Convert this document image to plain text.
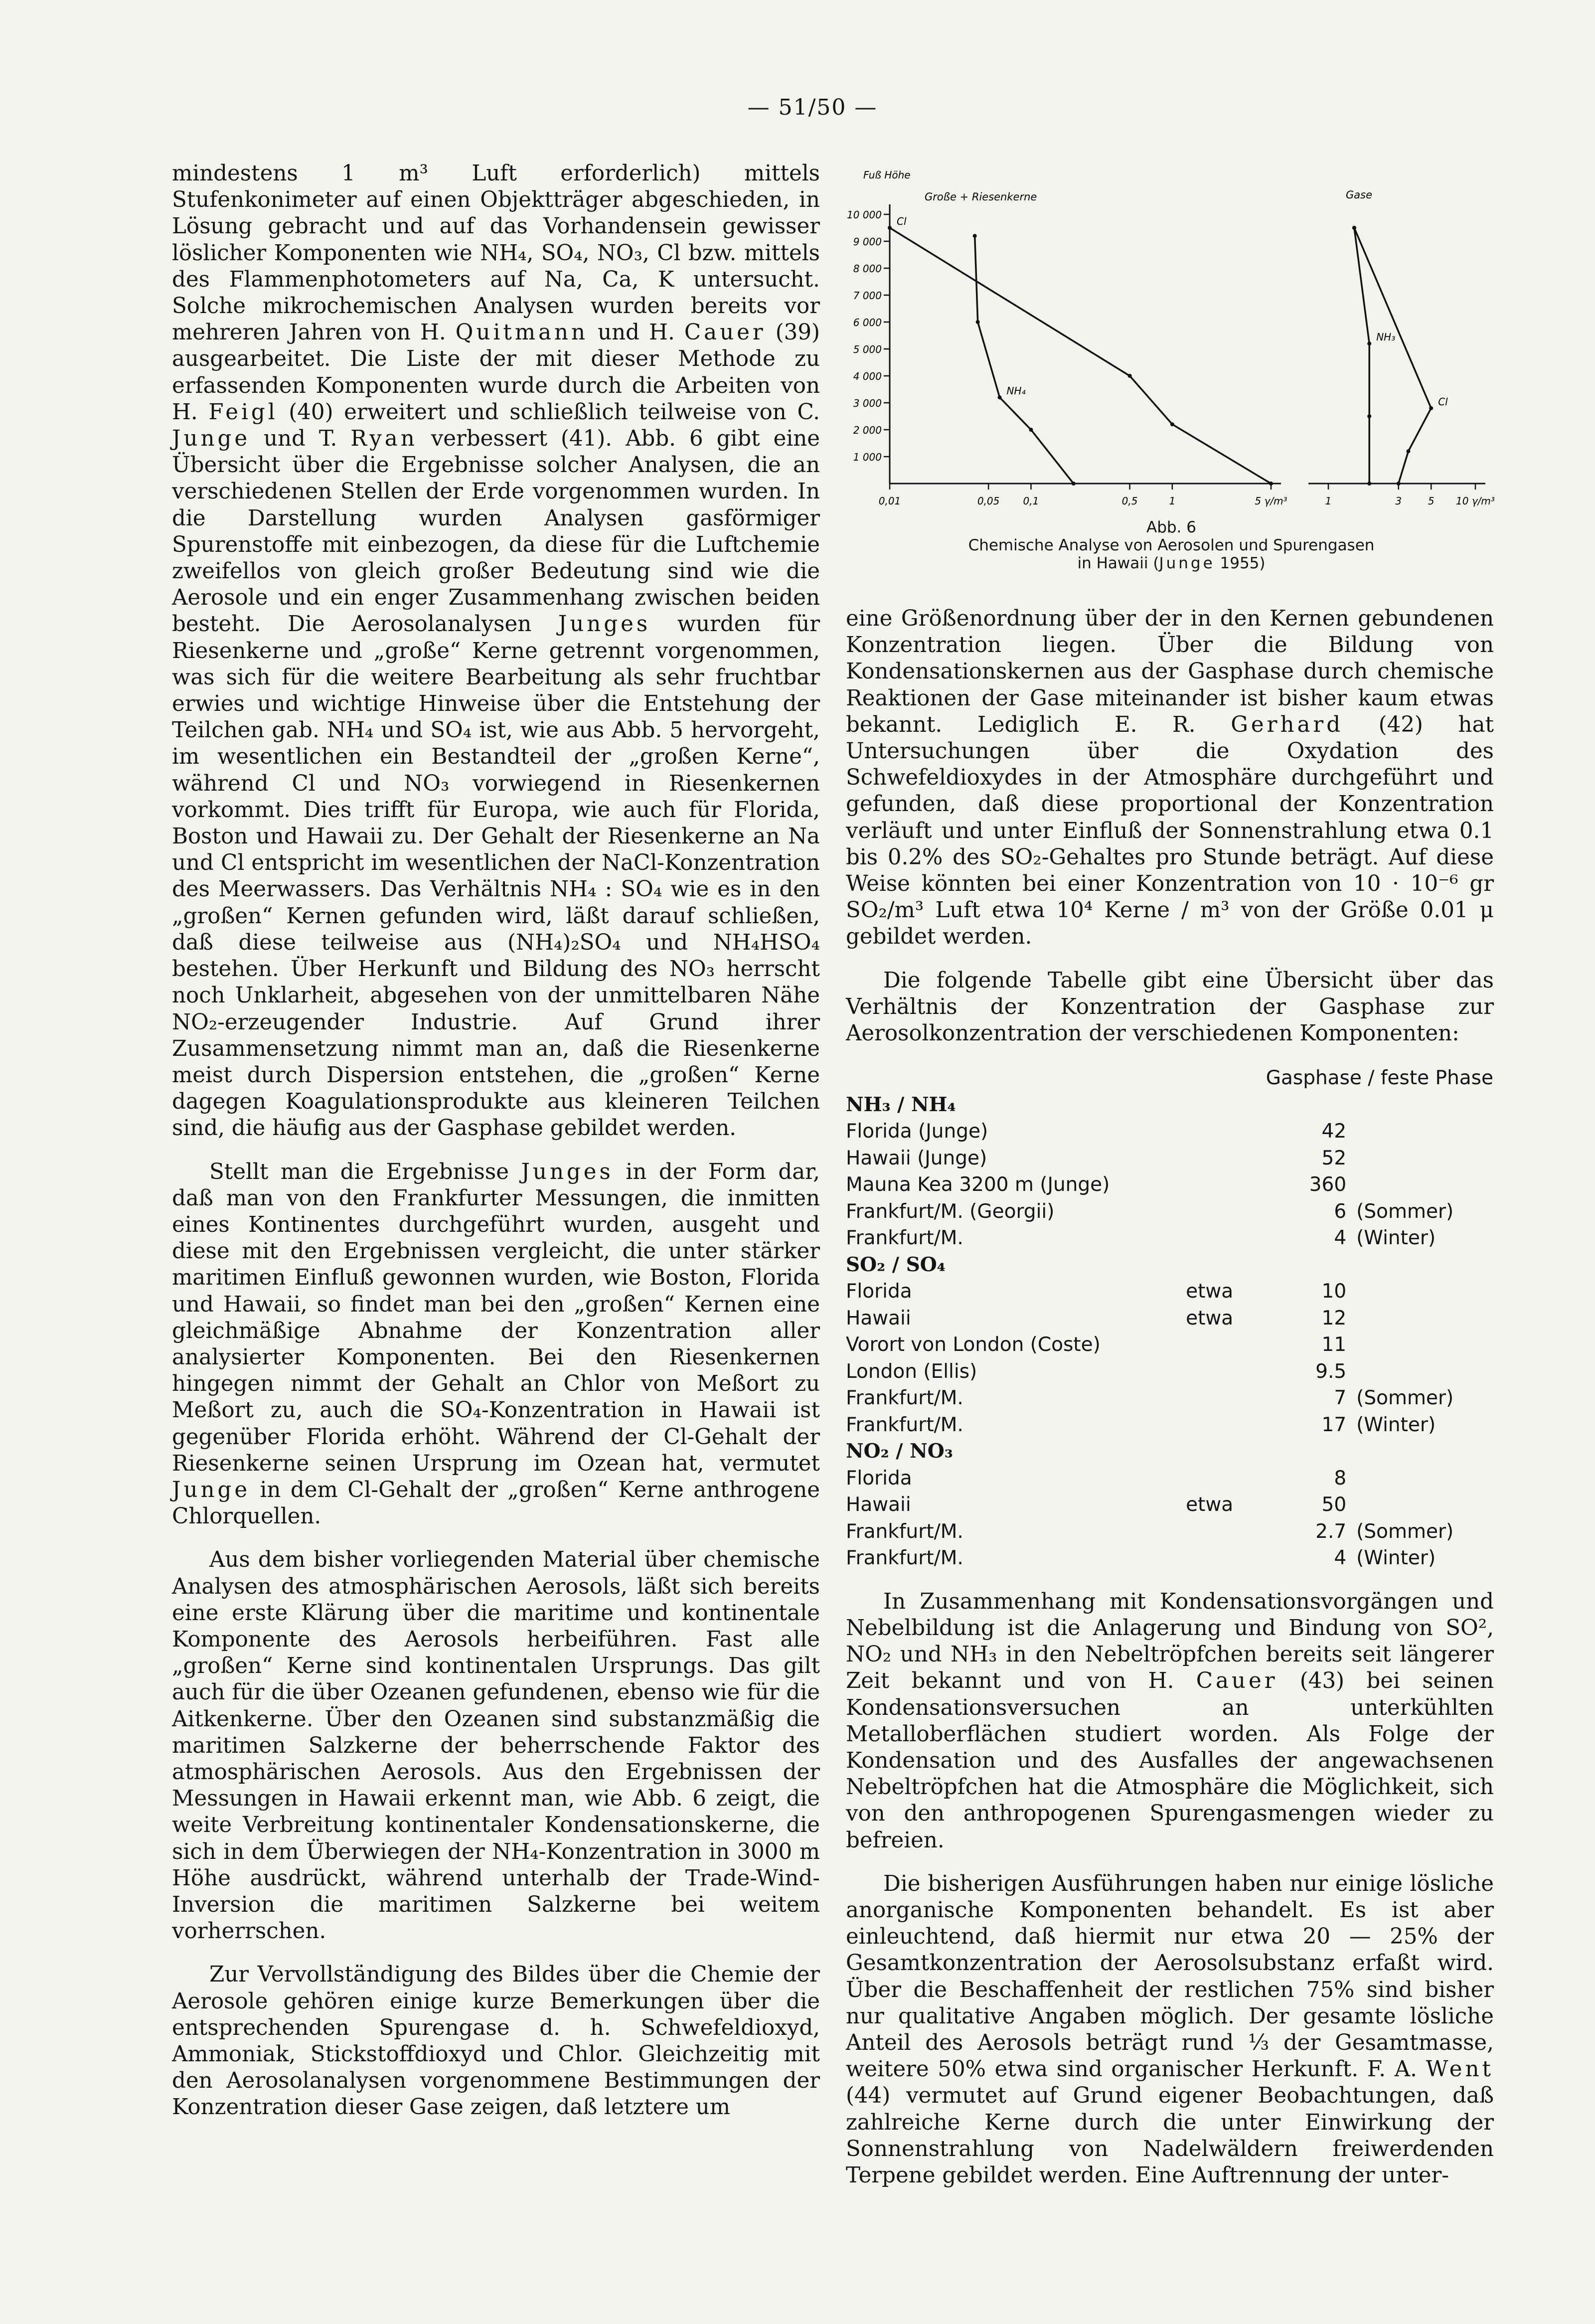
— 51/50 —

mindestens 1 m³ Luft erforderlich) mittels Stufenkonimeter auf einen Objektträger abgeschieden, in Lösung gebracht und auf das Vorhandensein gewisser löslicher Komponenten wie NH₄, SO₄, NO₃, Cl bzw. mittels des Flammenphotometers auf Na, Ca, K untersucht. Solche mikrochemischen Analysen wurden bereits vor mehreren Jahren von H. Quitmann und H. Cauer (39) ausgearbeitet. Die Liste der mit dieser Methode zu erfassenden Komponenten wurde durch die Arbeiten von H. Feigl (40) erweitert und schließlich teilweise von C. Junge und T. Ryan verbessert (41). Abb. 6 gibt eine Übersicht über die Ergebnisse solcher Analysen, die an verschiedenen Stellen der Erde vorgenommen wurden. In die Darstellung wurden Analysen gasförmiger Spurenstoffe mit einbezogen, da diese für die Luftchemie zweifellos von gleich großer Bedeutung sind wie die Aerosole und ein enger Zusammenhang zwischen beiden besteht. Die Aerosolanalysen Junges wurden für Riesenkerne und „große“ Kerne getrennt vorgenommen, was sich für die weitere Bearbeitung als sehr fruchtbar erwies und wichtige Hinweise über die Entstehung der Teilchen gab. NH₄ und SO₄ ist, wie aus Abb. 5 hervorgeht, im wesentlichen ein Bestandteil der „großen Kerne“, während Cl und NO₃ vorwiegend in Riesenkernen vorkommt. Dies trifft für Europa, wie auch für Florida, Boston und Hawaii zu. Der Gehalt der Riesenkerne an Na und Cl entspricht im wesentlichen der NaCl-Konzentration des Meerwassers. Das Verhältnis NH₄ : SO₄ wie es in den „großen“ Kernen gefunden wird, läßt darauf schließen, daß diese teilweise aus (NH₄)₂SO₄ und NH₄HSO₄ bestehen. Über Herkunft und Bildung des NO₃ herrscht noch Unklarheit, abgesehen von der unmittelbaren Nähe NO₂-erzeugender Industrie. Auf Grund ihrer Zusammensetzung nimmt man an, daß die Riesenkerne meist durch Dispersion entstehen, die „großen“ Kerne dagegen Koagulationsprodukte aus kleineren Teilchen sind, die häufig aus der Gasphase gebildet werden.

Stellt man die Ergebnisse Junges in der Form dar, daß man von den Frankfurter Messungen, die inmitten eines Kontinentes durchgeführt wurden, ausgeht und diese mit den Ergebnissen vergleicht, die unter stärker maritimen Einfluß gewonnen wurden, wie Boston, Florida und Hawaii, so findet man bei den „großen“ Kernen eine gleichmäßige Abnahme der Konzentration aller analysierter Komponenten. Bei den Riesenkernen hingegen nimmt der Gehalt an Chlor von Meßort zu Meßort zu, auch die SO₄-Konzentration in Hawaii ist gegenüber Florida erhöht. Während der Cl-Gehalt der Riesenkerne seinen Ursprung im Ozean hat, vermutet Junge in dem Cl-Gehalt der „großen“ Kerne anthrogene Chlorquellen.

Aus dem bisher vorliegenden Material über chemische Analysen des atmosphärischen Aerosols, läßt sich bereits eine erste Klärung über die maritime und kontinentale Komponente des Aerosols herbeiführen. Fast alle „großen“ Kerne sind kontinentalen Ursprungs. Das gilt auch für die über Ozeanen gefundenen, ebenso wie für die Aitkenkerne. Über den Ozeanen sind substanzmäßig die maritimen Salzkerne der beherrschende Faktor des atmosphärischen Aerosols. Aus den Ergebnissen der Messungen in Hawaii erkennt man, wie Abb. 6 zeigt, die weite Verbreitung kontinentaler Kondensationskerne, die sich in dem Überwiegen der NH₄-Konzentration in 3000 m Höhe ausdrückt, während unterhalb der Trade-Wind-Inversion die maritimen Salzkerne bei weitem vorherrschen.

Zur Vervollständigung des Bildes über die Chemie der Aerosole gehören einige kurze Bemerkungen über die entsprechenden Spurengase d. h. Schwefeldioxyd, Ammoniak, Stickstoffdioxyd und Chlor. Gleichzeitig mit den Aerosolanalysen vorgenommene Bestimmungen der Konzentration dieser Gase zeigen, daß letztere um

10 000
9 000
8 000
7 000
6 000
5 000
4 000
3 000
2 000
1 000
Fuß Höhe
Große + Riesenkerne	Gase
0,01	0,05 0,1	0,5	1	5 γ/m³	1	3	5 10 γ/m³
Cl
NH₄
NH₃
Cl
Abb. 6
Chemische Analyse von Aerosolen und Spurengasen
in Hawaii (Junge 1955)

eine Größenordnung über der in den Kernen gebundenen Konzentration liegen. Über die Bildung von Kondensationskernen aus der Gasphase durch chemische Reaktionen der Gase miteinander ist bisher kaum etwas bekannt. Lediglich E. R. Gerhard (42) hat Untersuchungen über die Oxydation des Schwefeldioxydes in der Atmosphäre durchgeführt und gefunden, daß diese proportional der Konzentration verläuft und unter Einfluß der Sonnenstrahlung etwa 0.1 bis 0.2% des SO₂-Gehaltes pro Stunde beträgt. Auf diese Weise könnten bei einer Konzentration von 10 · 10⁻⁶ gr SO₂/m³ Luft etwa 10⁴ Kerne / m³ von der Größe 0.01 μ gebildet werden.

Die folgende Tabelle gibt eine Übersicht über das Verhältnis der Konzentration der Gasphase zur Aerosolkonzentration der verschiedenen Komponenten:

Gasphase / feste Phase			
NH₃ / NH₄			
Florida (Junge)		42	
Hawaii (Junge)		52	
Mauna Kea 3200 m (Junge)		360	
Frankfurt/M. (Georgii)		6	(Sommer)
Frankfurt/M.		4	(Winter)
SO₂ / SO₄			
Florida	etwa	10	
Hawaii	etwa	12	
Vorort von London (Coste)		11	
London (Ellis)		9.5	
Frankfurt/M.		7	(Sommer)
Frankfurt/M.		17	(Winter)
NO₂ / NO₃			
Florida		8	
Hawaii	etwa	50	
Frankfurt/M.		2.7	(Sommer)
Frankfurt/M.		4	(Winter)

In Zusammenhang mit Kondensationsvorgängen und Nebelbildung ist die Anlagerung und Bindung von SO², NO₂ und NH₃ in den Nebeltröpfchen bereits seit längerer Zeit bekannt und von H. Cauer (43) bei seinen Kondensationsversuchen an unterkühlten Metalloberflächen studiert worden. Als Folge der Kondensation und des Ausfalles der angewachsenen Nebeltröpfchen hat die Atmosphäre die Möglichkeit, sich von den anthropogenen Spurengasmengen wieder zu befreien.

Die bisherigen Ausführungen haben nur einige lösliche anorganische Komponenten behandelt. Es ist aber einleuchtend, daß hiermit nur etwa 20 — 25% der Gesamtkonzentration der Aerosolsubstanz erfaßt wird. Über die Beschaffenheit der restlichen 75% sind bisher nur qualitative Angaben möglich. Der gesamte lösliche Anteil des Aerosols beträgt rund ⅓ der Gesamtmasse, weitere 50% etwa sind organischer Herkunft. F. A. Went (44) vermutet auf Grund eigener Beobachtungen, daß zahlreiche Kerne durch die unter Einwirkung der Sonnenstrahlung von Nadelwäldern freiwerdenden Terpene gebildet werden. Eine Auftrennung der unter-
